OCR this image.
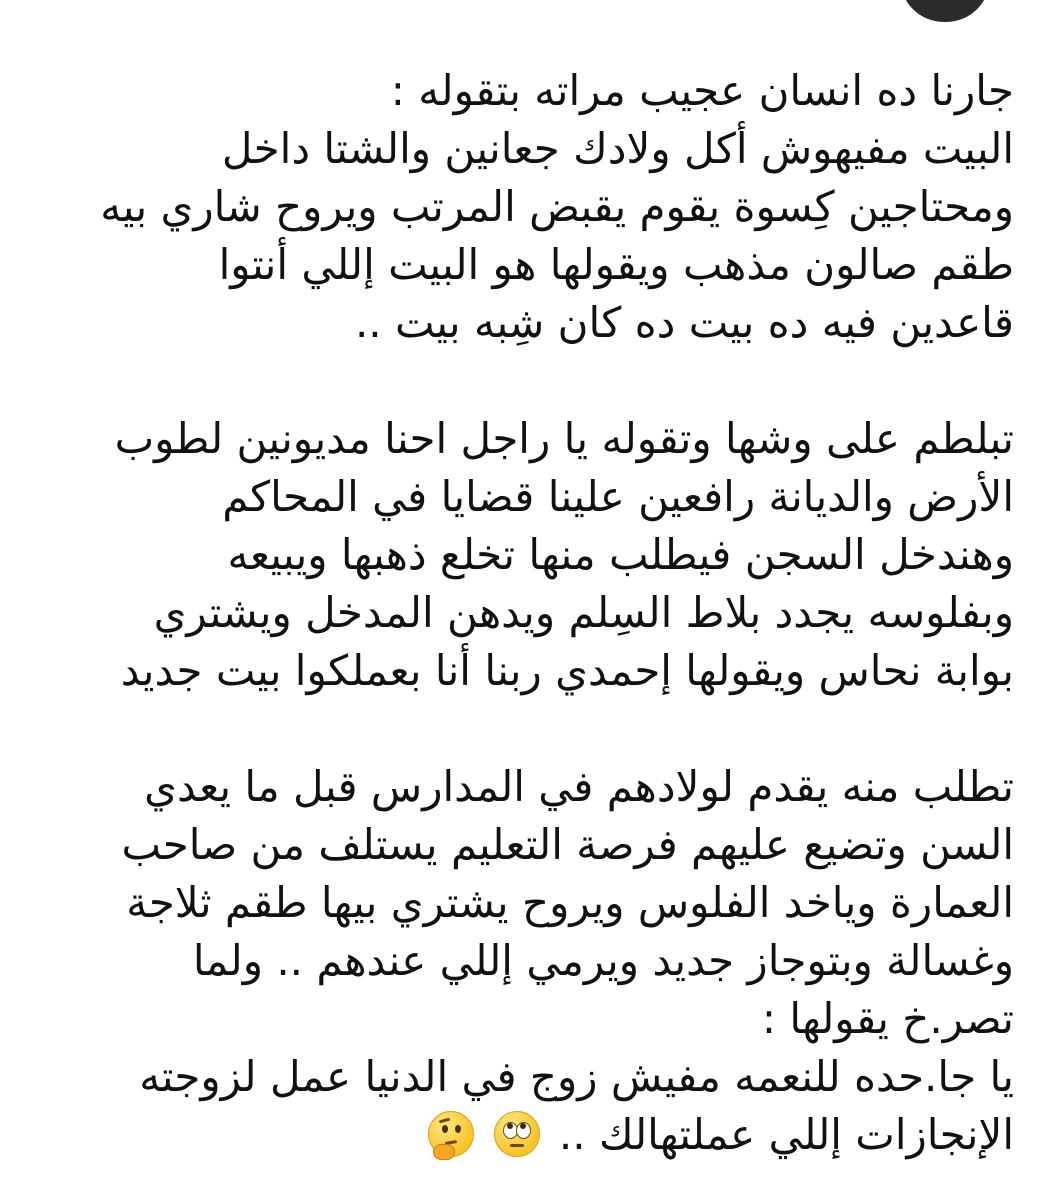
جارنا ده انسان عجيب مراته بتقوله :
البيت مفيهوش أكل ولادك جعانين والشتا داخل
ومحتاجين كِسوة يقوم يقبض المرتب ويروح شاري بيه
طقم صالون مذهب ويقولها هو البيت إللي أنتوا
قاعدين فيه ده بيت ده كان شِبه بيت ..
تبلطم على وشها وتقوله يا راجل احنا مديونين لطوب
الأرض والديانة رافعين علينا قضايا في المحاكم
وهندخل السجن فيطلب منها تخلع ذهبها ويبيعه
وبفلوسه يجدد بلاط السِلم ويدهن المدخل ويشتري
بوابة نحاس ويقولها إحمدي ربنا أنا بعملكوا بيت جديد
تطلب منه يقدم لولادهم في المدارس قبل ما يعدي
السن وتضيع عليهم فرصة التعليم يستلف من صاحب
العمارة وياخد الفلوس ويروح يشتري بيها طقم ثلاجة
وغسالة وبتوجاز جديد ويرمي إللي عندهم .. ولما
تصر.خ يقولها :
يا جا.حده للنعمه مفيش زوج في الدنيا عمل لزوجته
الإنجازات إللي عملتهالك ..
